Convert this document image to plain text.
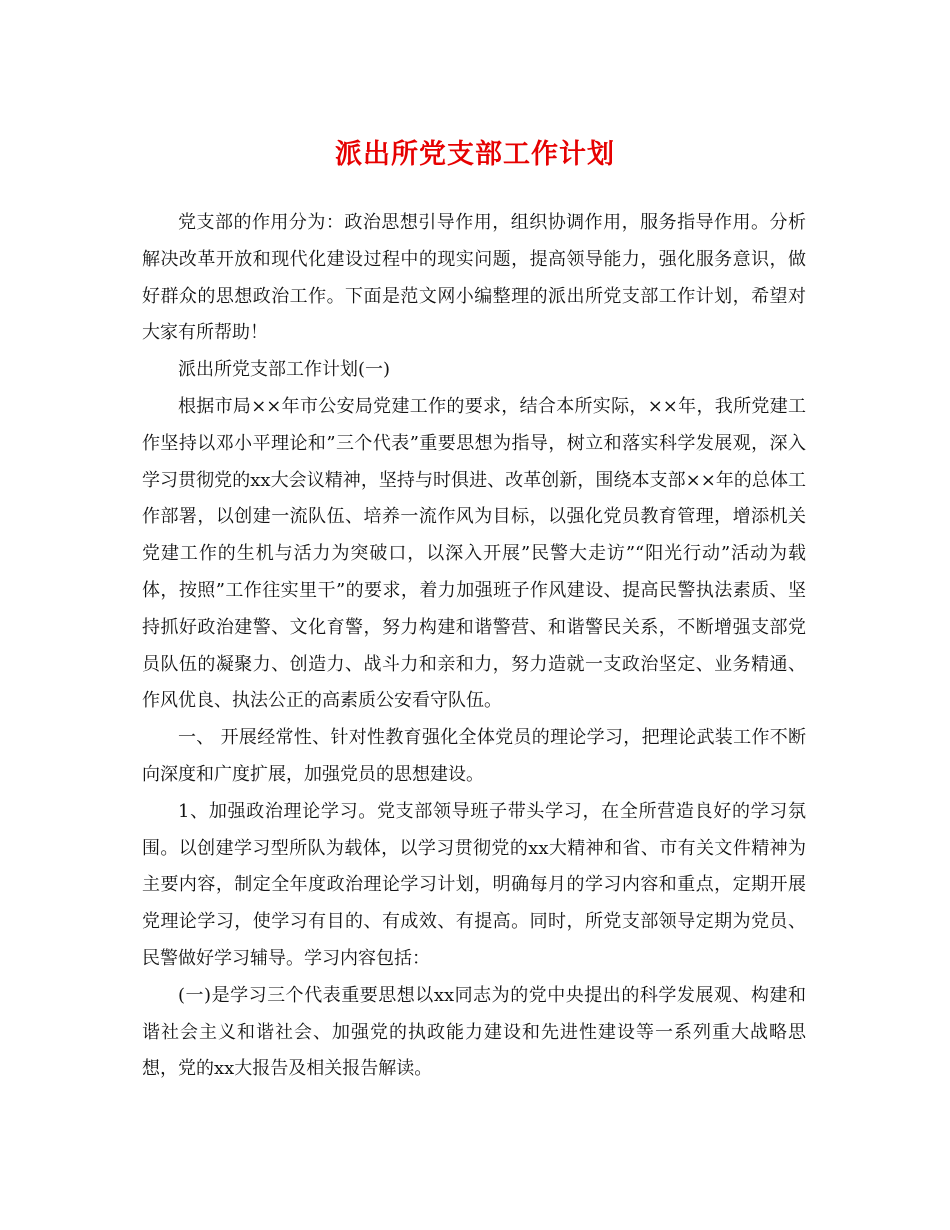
派出所党支部工作计划

党支部的作用分为：政治思想引导作用，组织协调作用，服务指导作用。分析解决改革开放和现代化建设过程中的现实问题，提高领导能力，强化服务意识，做好群众的思想政治工作。下面是范文网小编整理的派出所党支部工作计划，希望对大家有所帮助！

派出所党支部工作计划(一)

根据市局××年市公安局党建工作的要求，结合本所实际，××年，我所党建工作坚持以邓小平理论和”三个代表”重要思想为指导，树立和落实科学发展观，深入学习贯彻党的xx大会议精神，坚持与时俱进、改革创新，围绕本支部××年的总体工作部署，以创建一流队伍、培养一流作风为目标，以强化党员教育管理，增添机关党建工作的生机与活力为突破口，以深入开展”民警大走访”“阳光行动”活动为载体，按照”工作往实里干”的要求，着力加强班子作风建设、提高民警执法素质、坚持抓好政治建警、文化育警，努力构建和谐警营、和谐警民关系，不断增强支部党员队伍的凝聚力、创造力、战斗力和亲和力，努力造就一支政治坚定、业务精通、作风优良、执法公正的高素质公安看守队伍。

一、 开展经常性、针对性教育强化全体党员的理论学习，把理论武装工作不断向深度和广度扩展，加强党员的思想建设。

1、加强政治理论学习。党支部领导班子带头学习，在全所营造良好的学习氛围。以创建学习型所队为载体，以学习贯彻党的xx大精神和省、市有关文件精神为主要内容，制定全年度政治理论学习计划，明确每月的学习内容和重点，定期开展党理论学习，使学习有目的、有成效、有提高。同时，所党支部领导定期为党员、民警做好学习辅导。学习内容包括：

(一)是学习三个代表重要思想以xx同志为的党中央提出的科学发展观、构建和谐社会主义和谐社会、加强党的执政能力建设和先进性建设等一系列重大战略思想，党的xx大报告及相关报告解读。
